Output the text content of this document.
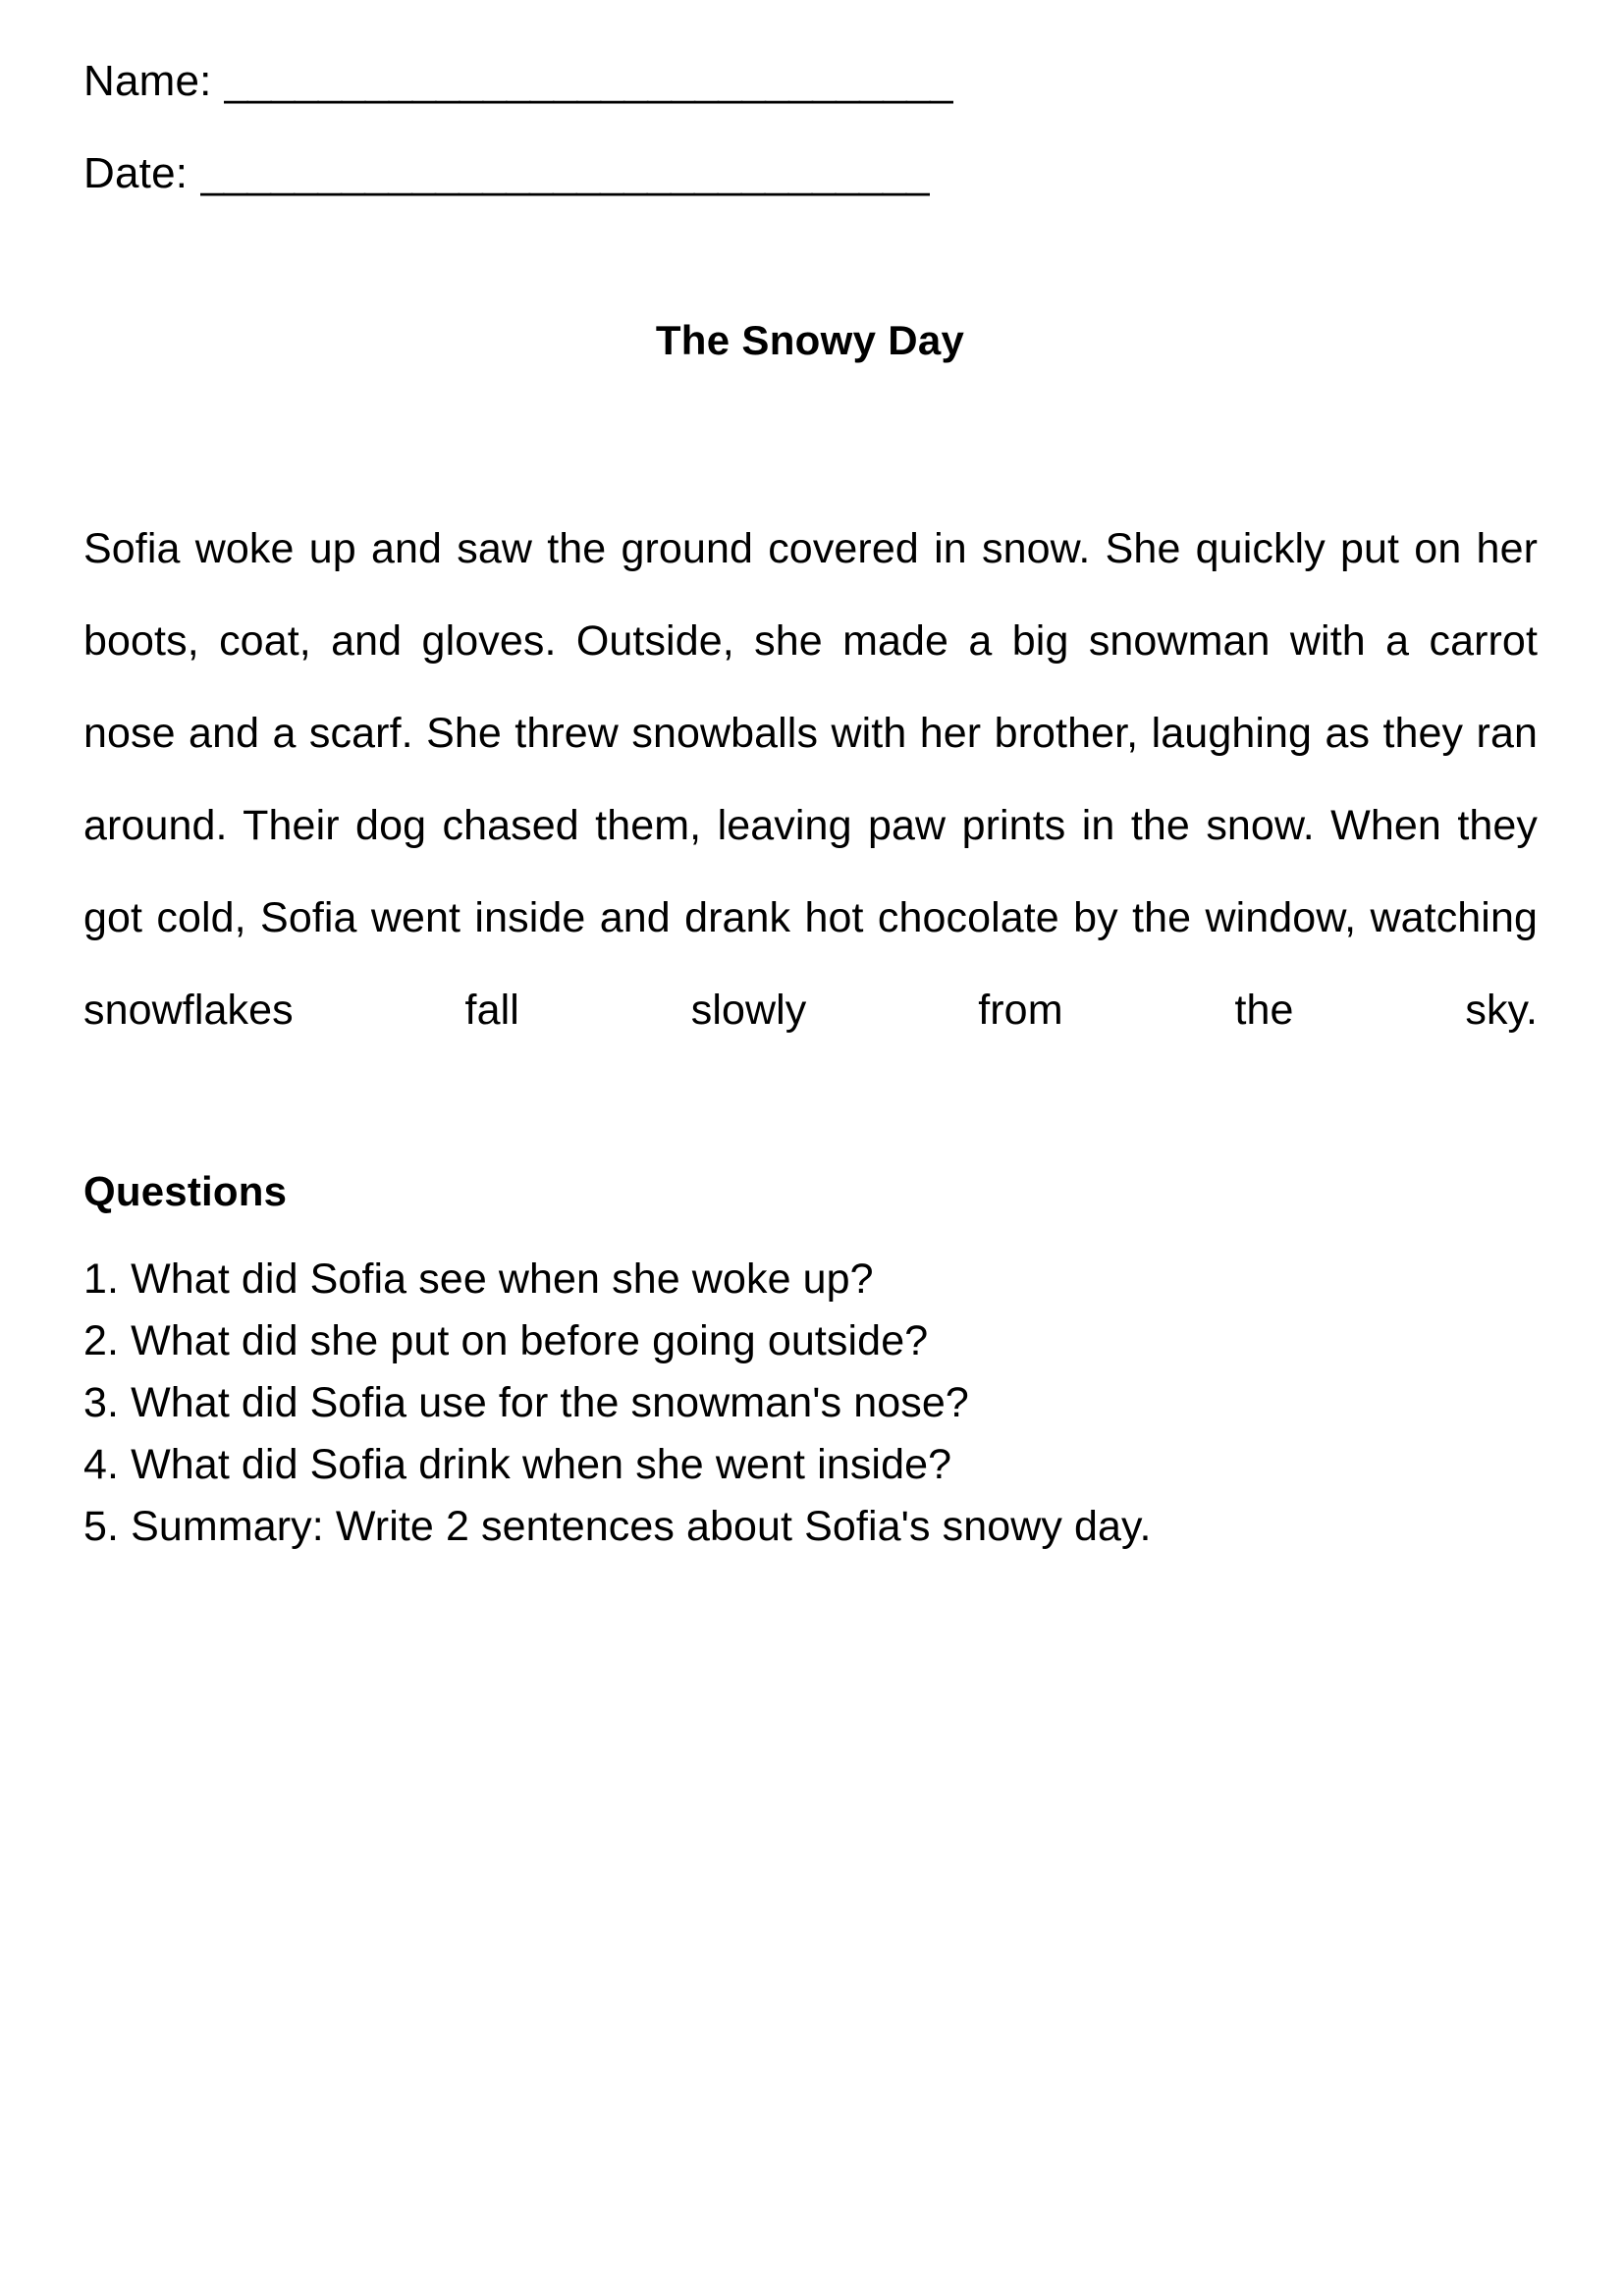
Name: _______________________________
Date: _______________________________
The Snowy Day
Sofia woke up and saw the ground covered in snow. She quickly put on her boots, coat, and gloves. Outside, she made a big snowman with a carrot nose and a scarf. She threw snowballs with her brother, laughing as they ran around. Their dog chased them, leaving paw prints in the snow. When they got cold, Sofia went inside and drank hot chocolate by the window, watching snowflakes fall slowly from the sky.
Questions
1. What did Sofia see when she woke up?
2. What did she put on before going outside?
3. What did Sofia use for the snowman's nose?
4. What did Sofia drink when she went inside?
5. Summary: Write 2 sentences about Sofia's snowy day.
